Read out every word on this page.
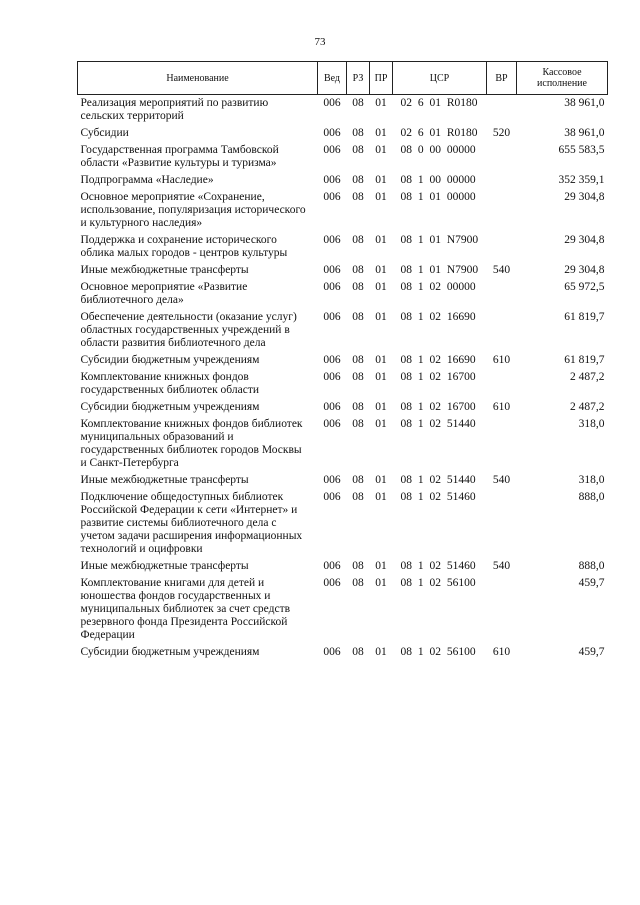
73
Наименование	Вед	РЗ	ПР	ЦСР	ВР	Кассовое исполнение
Реализация мероприятий по развитию сельских территорий	006	08	01	02 6 01 R0180		38 961,0
Субсидии	006	08	01	02 6 01 R0180	520	38 961,0
Государственная программа Тамбовской области «Развитие культуры и туризма»	006	08	01	08 0 00 00000		655 583,5
Подпрограмма «Наследие»	006	08	01	08 1 00 00000		352 359,1
Основное мероприятие «Сохранение, использование, популяризация исторического и культурного наследия»	006	08	01	08 1 01 00000		29 304,8
Поддержка и сохранение исторического облика малых городов - центров культуры	006	08	01	08 1 01 N7900		29 304,8
Иные межбюджетные трансферты	006	08	01	08 1 01 N7900	540	29 304,8
Основное мероприятие «Развитие библиотечного дела»	006	08	01	08 1 02 00000		65 972,5
Обеспечение деятельности (оказание услуг) областных государственных учреждений в области развития библиотечного дела	006	08	01	08 1 02 16690		61 819,7
Субсидии бюджетным учреждениям	006	08	01	08 1 02 16690	610	61 819,7
Комплектование книжных фондов государственных библиотек области	006	08	01	08 1 02 16700		2 487,2
Субсидии бюджетным учреждениям	006	08	01	08 1 02 16700	610	2 487,2
Комплектование книжных фондов библиотек муниципальных образований и государственных библиотек городов Москвы и Санкт-Петербурга	006	08	01	08 1 02 51440		318,0
Иные межбюджетные трансферты	006	08	01	08 1 02 51440	540	318,0
Подключение общедоступных библиотек Российской Федерации к сети «Интернет» и развитие системы библиотечного дела с учетом задачи расширения информационных технологий и оцифровки	006	08	01	08 1 02 51460		888,0
Иные межбюджетные трансферты	006	08	01	08 1 02 51460	540	888,0
Комплектование книгами для детей и юношества фондов государственных и муниципальных библиотек за счет средств резервного фонда Президента Российской Федерации	006	08	01	08 1 02 56100		459,7
Субсидии бюджетным учреждениям	006	08	01	08 1 02 56100	610	459,7
